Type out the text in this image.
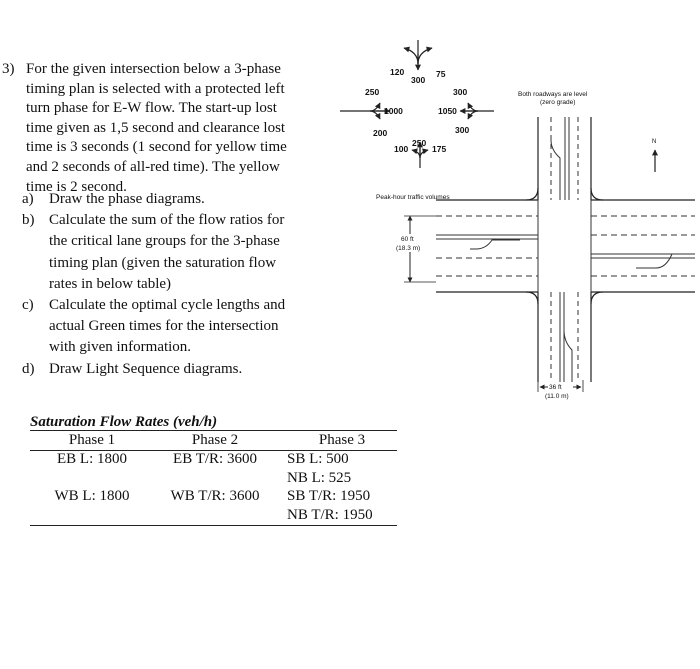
3) For the given intersection below a 3-phase

timing plan is selected with a protected left

turn phase for E-W flow. The start-up lost

time given as 1,5 second and clearance lost

time is 3 seconds (1 second for yellow time

and 2 seconds of all-red time). The yellow

time is 2 second.

a) Draw the phase diagrams.
b) Calculate the sum of the flow ratios for
the critical lane groups for the 3-phase
timing plan (given the saturation flow
rates in below table)
c) Calculate the optimal cycle lengths and
actual Green times for the intersection
with given information.
d) Draw Light Sequence diagrams.
Saturation Flow Rates (veh/h)
Phase 1	Phase 2	Phase 3
EB L: 1800	EB T/R: 3600	SB L: 500
		NB L: 525
WB L: 1800	WB T/R: 3600	SB T/R: 1950
		NB T/R: 1950
120
300
75
250
1000
200
300
1050
300
100
250
175
Peak-hour traffic volumes
Both roadways are level
(zero grade)
N
60 ft
(18.3 m)
36 ft
(11.0 m)
